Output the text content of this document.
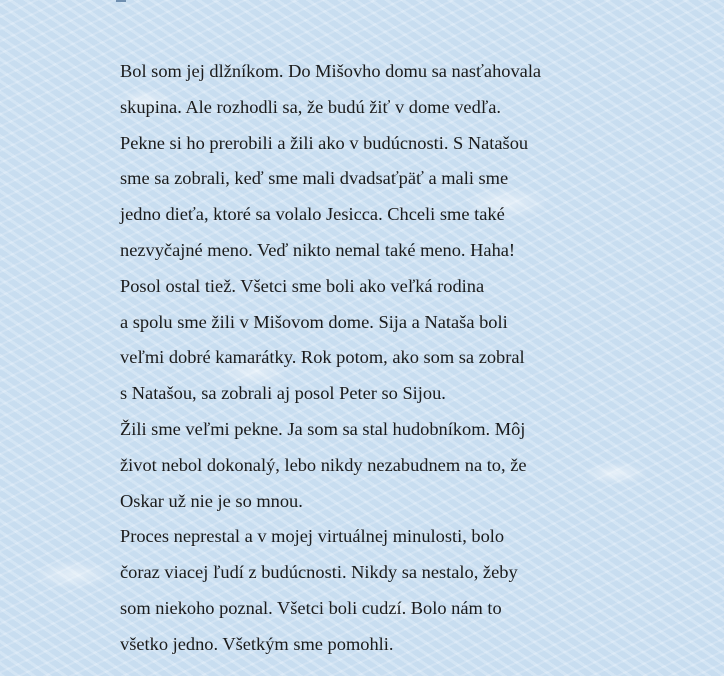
Bol som jej dlžníkom. Do Mišovho domu sa nasťahovala
skupina. Ale rozhodli sa, že budú žiť v dome vedľa.
Pekne si ho prerobili a žili ako v budúcnosti. S Natašou
sme sa zobrali, keď sme mali dvadsaťpäť a mali sme
jedno dieťa, ktoré sa volalo Jesicca. Chceli sme také
nezvyčajné meno. Veď nikto nemal také meno. Haha!
Posol ostal tiež. Všetci sme boli ako veľká rodina
a spolu sme žili v Mišovom dome. Sija a Nataša boli
veľmi dobré kamarátky. Rok potom, ako som sa zobral
s Natašou, sa zobrali aj posol Peter so Sijou.
Žili sme veľmi pekne. Ja som sa stal hudobníkom. Môj
život nebol dokonalý, lebo nikdy nezabudnem na to, že
Oskar už nie je so mnou.
Proces neprestal a v mojej virtuálnej minulosti, bolo
čoraz viacej ľudí z budúcnosti. Nikdy sa nestalo, žeby
som niekoho poznal. Všetci boli cudzí. Bolo nám to
všetko jedno. Všetkým sme pomohli.
